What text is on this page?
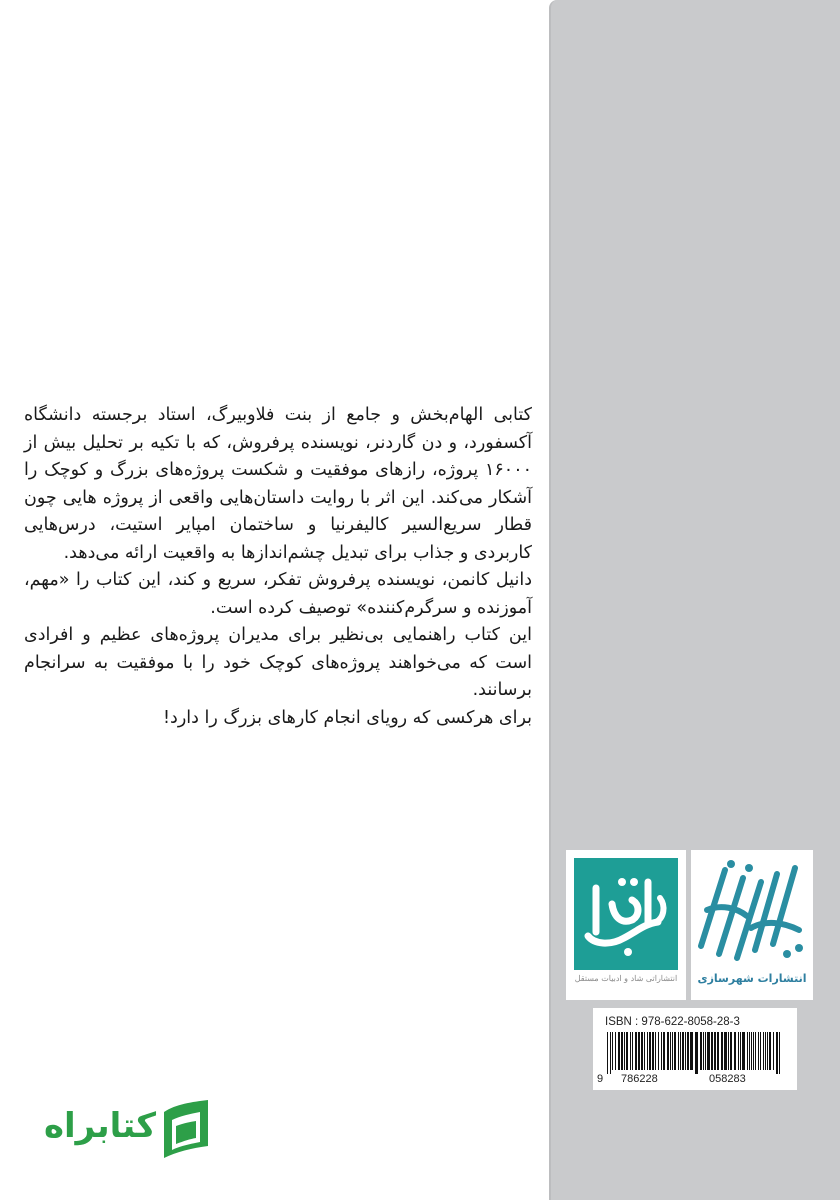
کتابی الهام‌بخش و جامع از بنت فلاوبیرگ، استاد برجسته دانشگاه آکسفورد، و دن گاردنر، نویسنده پرفروش، که با تکیه بر تحلیل بیش از ۱۶۰۰۰ پروژه، رازهای موفقیت و شکست پروژه‌های بزرگ و کوچک را آشکار می‌کند. این اثر با روایت داستان‌هایی واقعی از پروژه هایی چون قطار سریع‌السیر کالیفرنیا و ساختمان امپایر استیت، درس‌هایی کاربردی و جذاب برای تبدیل چشم‌اندازها به واقعیت ارائه می‌دهد.

دانیل کانمن، نویسنده پرفروش تفکر، سریع و کند، این کتاب را «مهم، آموزنده و سرگرم‌کننده» توصیف کرده است.

این کتاب راهنمایی بی‌نظیر برای مدیران پروژه‌های عظیم و افرادی است که می‌خواهند پروژه‌های کوچک خود را با موفقیت به سرانجام برسانند.

برای هرکسی که رویای انجام کارهای بزرگ را دارد!

انتشاراتی شاد و ادبیات مستقل	انتشارات شهرسازی
ISBN : 978-622-8058-28-3
9 786228	058283
کتابراه
